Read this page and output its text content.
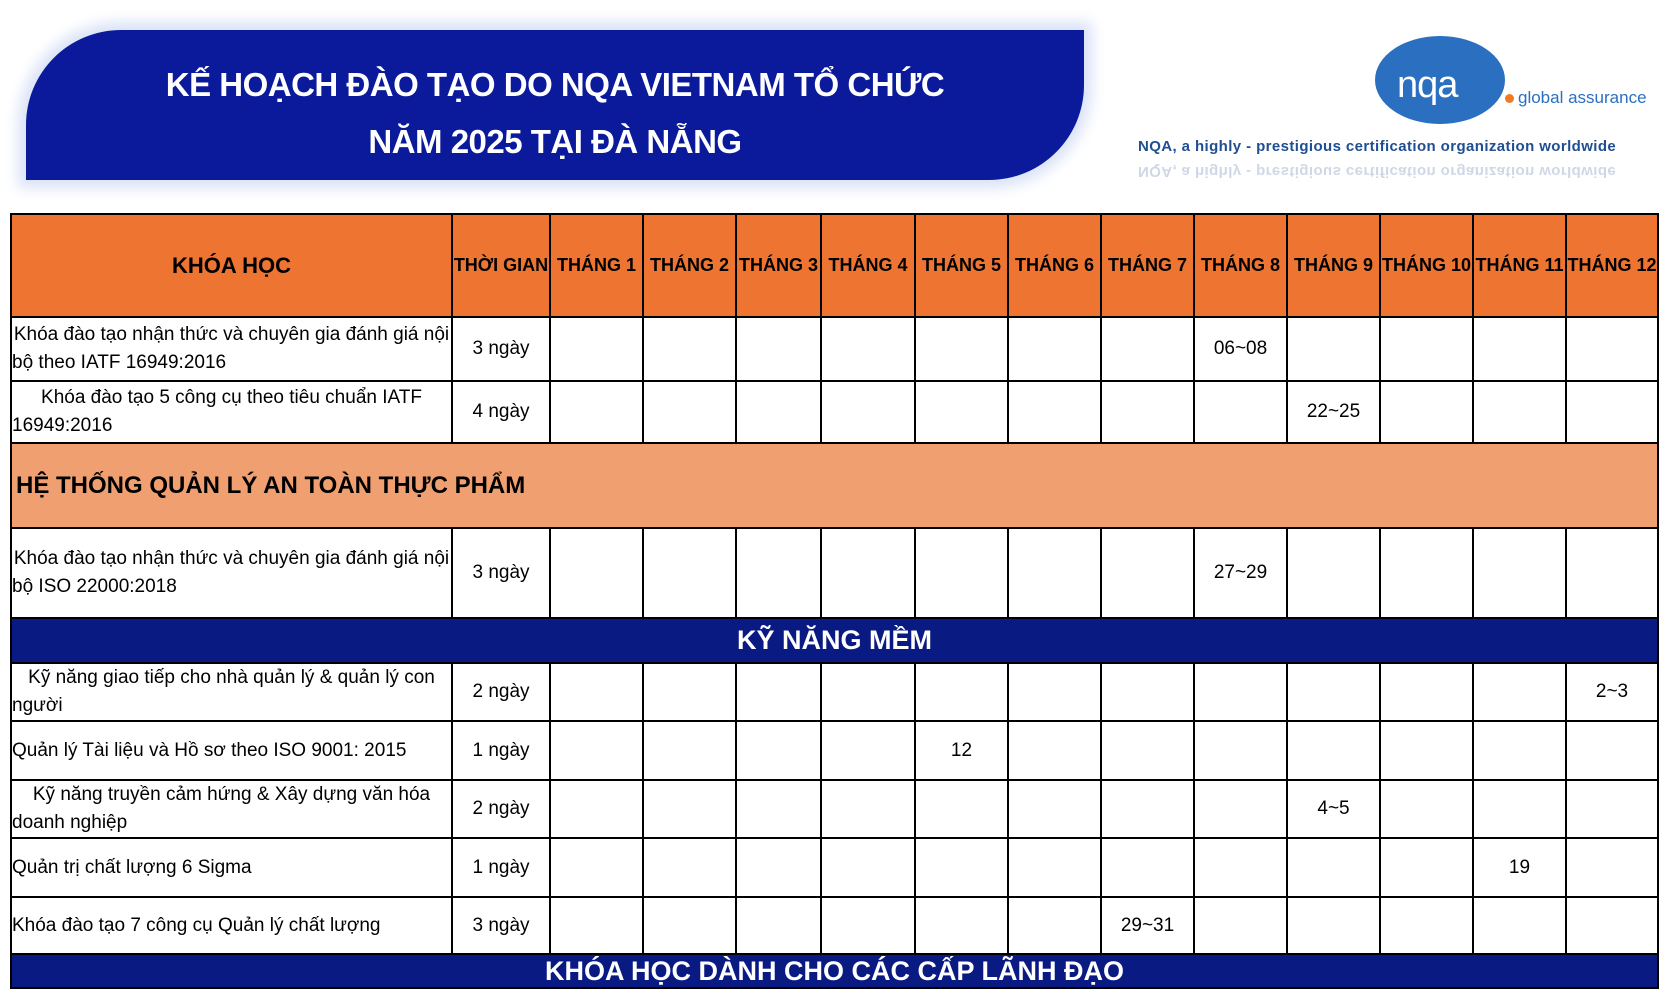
KẾ HOẠCH ĐÀO TẠO DO NQA VIETNAM TỔ CHỨC
NĂM 2025 TẠI ĐÀ NẴNG
nqa	global assurance
NQA, a highly - prestigious certification organization worldwide
NQA, a highly - prestigious certification organization worldwide
KHÓA HỌC	THỜI GIAN	THÁNG 1	THÁNG 2	THÁNG 3	THÁNG 4	THÁNG 5	THÁNG 6	THÁNG 7	THÁNG 8	THÁNG 9	THÁNG 10	THÁNG 11	THÁNG 12
Khóa đào tạo nhận thức và chuyên gia đánh giá nội bộ theo IATF 16949:2016	3 ngày								06~08				
Khóa đào tạo 5 công cụ theo tiêu chuẩn IATF 16949:2016	4 ngày									22~25			
HỆ THỐNG QUẢN LÝ AN TOÀN THỰC PHẨM													
Khóa đào tạo nhận thức và chuyên gia đánh giá nội bộ ISO 22000:2018	3 ngày								27~29				
KỸ NĂNG MỀM													
Kỹ năng giao tiếp cho nhà quản lý & quản lý con người	2 ngày												2~3
Quản lý Tài liệu và Hồ sơ theo ISO 9001: 2015	1 ngày					12							
Kỹ năng truyền cảm hứng & Xây dựng văn hóa doanh nghiệp	2 ngày									4~5			
Quản trị chất lượng 6 Sigma	1 ngày											19	
Khóa đào tạo 7 công cụ Quản lý chất lượng	3 ngày							29~31					
KHÓA HỌC DÀNH CHO CÁC CẤP LÃNH ĐẠO													
